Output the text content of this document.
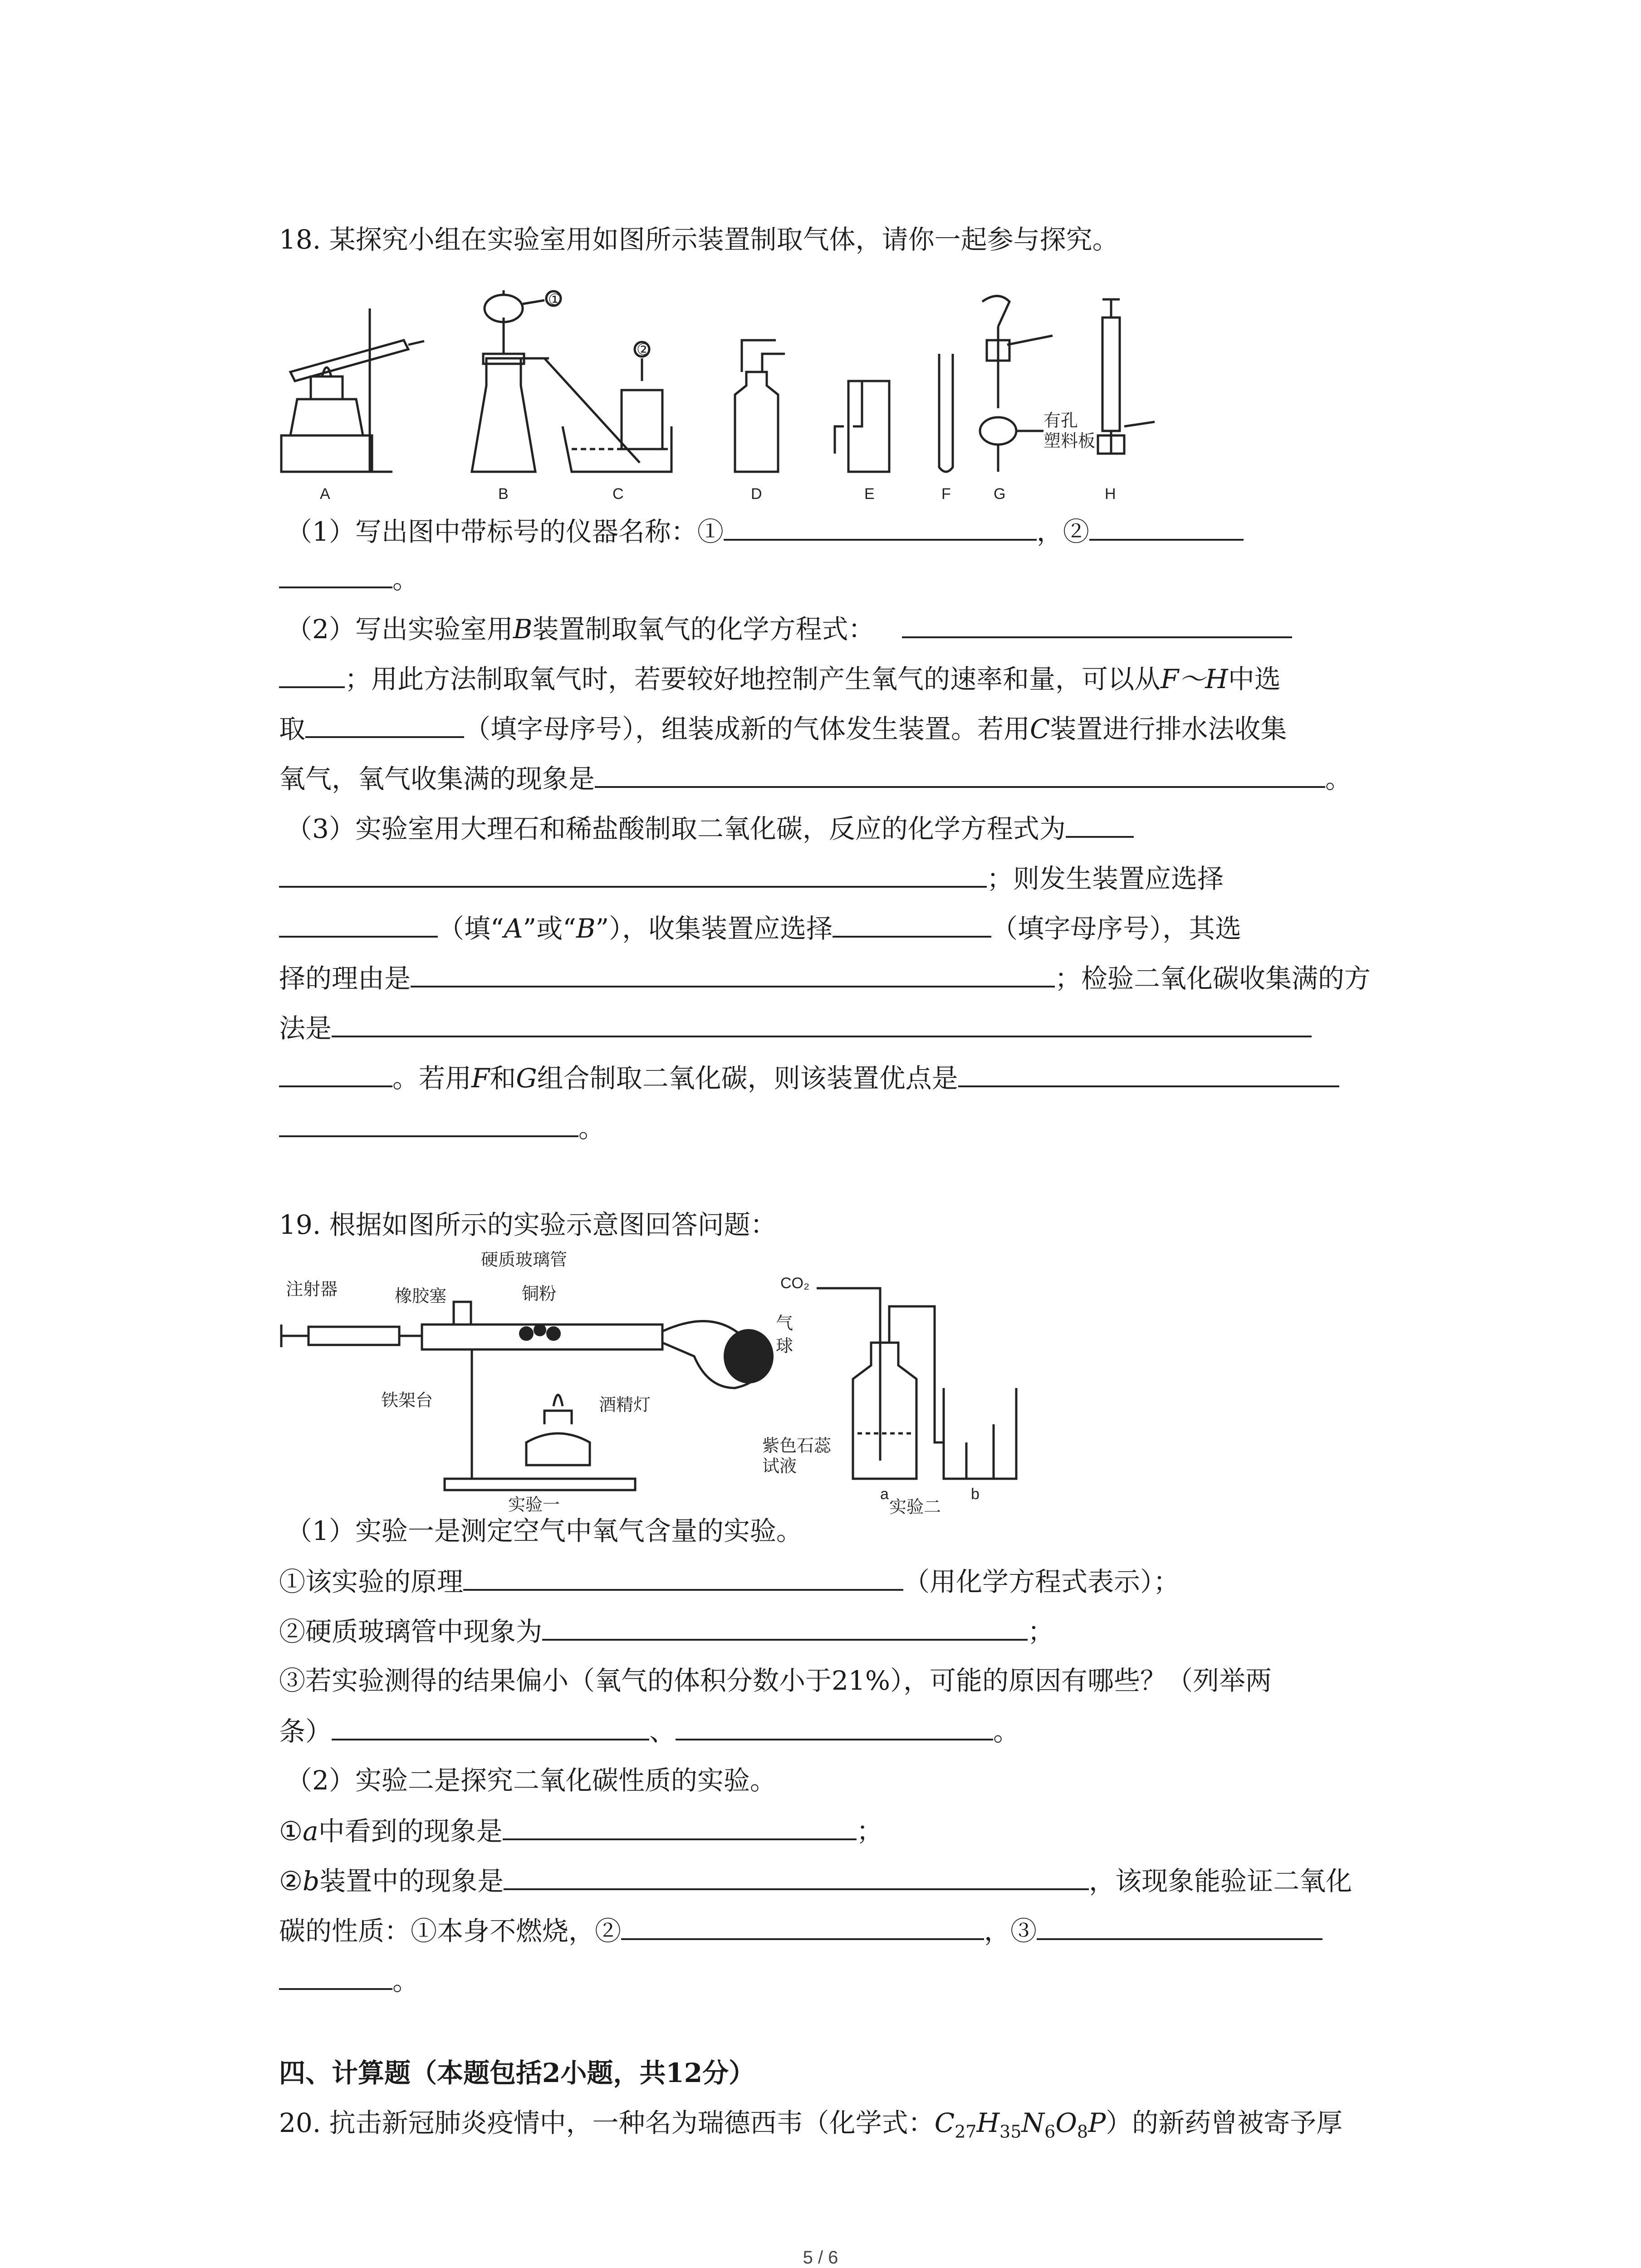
18. 某探究小组在实验室用如图所示装置制取气体，请你一起参与探究。
①
②
有孔
塑料板
A	B	C	D	E	F	G	H
（1）写出图中带标号的仪器名称：①	，②
。
（2）写出实验室用B装置制取氧气的化学方程式：
；用此方法制取氧气时，若要较好地控制产生氧气的速率和量，可以从F～H中选
取	（填字母序号），组装成新的气体发生装置。若用C装置进行排水法收集
氧气，氧气收集满的现象是	。
（3）实验室用大理石和稀盐酸制取二氧化碳，反应的化学方程式为
；则发生装置应选择
（填“A”或“B”），收集装置应选择	（填字母序号），其选
择的理由是	；检验二氧化碳收集满的方
法是
。若用F和G组合制取二氧化碳，则该装置优点是
。
19. 根据如图所示的实验示意图回答问题：
注射器	橡胶塞
硬质玻璃管
铜粉
气
球
铁架台	酒精灯
实验一
CO₂
紫色石蕊
试液
a	b
实验二
（1）实验一是测定空气中氧气含量的实验。
①该实验的原理	（用化学方程式表示）；
②硬质玻璃管中现象为	；
③若实验测得的结果偏小（氧气的体积分数小于21%），可能的原因有哪些？（列举两
条）	、	。
（2）实验二是探究二氧化碳性质的实验。
①a中看到的现象是	；
②b装置中的现象是	，该现象能验证二氧化
碳的性质：①本身不燃烧，②	，③
。
四、计算题（本题包括2小题，共12分）
20. 抗击新冠肺炎疫情中，一种名为瑞德西韦（化学式：$C_{27}H_{35}N_6O_8P$）的新药曾被寄予厚
5 / 6
